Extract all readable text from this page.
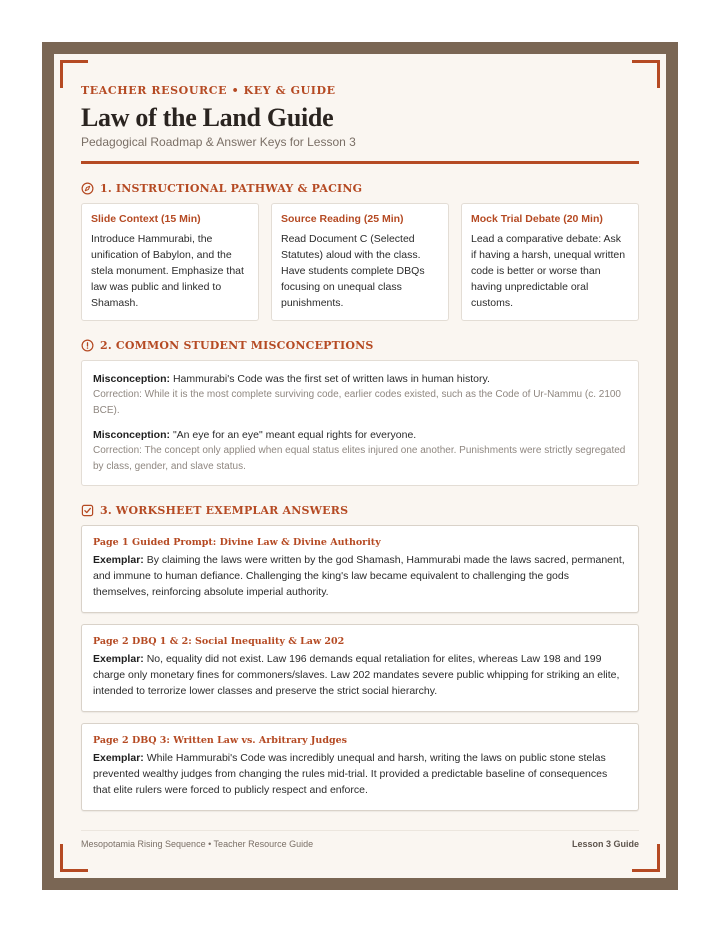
TEACHER RESOURCE • KEY & GUIDE
Law of the Land Guide
Pedagogical Roadmap & Answer Keys for Lesson 3
1. INSTRUCTIONAL PATHWAY & PACING
Slide Context (15 Min)
Introduce Hammurabi, the unification of Babylon, and the stela monument. Emphasize that law was public and linked to Shamash.
Source Reading (25 Min)
Read Document C (Selected Statutes) aloud with the class. Have students complete DBQs focusing on unequal class punishments.
Mock Trial Debate (20 Min)
Lead a comparative debate: Ask if having a harsh, unequal written code is better or worse than having unpredictable oral customs.
2. COMMON STUDENT MISCONCEPTIONS
Misconception: Hammurabi's Code was the first set of written laws in human history.
Correction: While it is the most complete surviving code, earlier codes existed, such as the Code of Ur-Nammu (c. 2100 BCE).
Misconception: "An eye for an eye" meant equal rights for everyone.
Correction: The concept only applied when equal status elites injured one another. Punishments were strictly segregated by class, gender, and slave status.
3. WORKSHEET EXEMPLAR ANSWERS
Page 1 Guided Prompt: Divine Law & Divine Authority
Exemplar: By claiming the laws were written by the god Shamash, Hammurabi made the laws sacred, permanent, and immune to human defiance. Challenging the king's law became equivalent to challenging the gods themselves, reinforcing absolute imperial authority.
Page 2 DBQ 1 & 2: Social Inequality & Law 202
Exemplar: No, equality did not exist. Law 196 demands equal retaliation for elites, whereas Law 198 and 199 charge only monetary fines for commoners/slaves. Law 202 mandates severe public whipping for striking an elite, intended to terrorize lower classes and preserve the strict social hierarchy.
Page 2 DBQ 3: Written Law vs. Arbitrary Judges
Exemplar: While Hammurabi's Code was incredibly unequal and harsh, writing the laws on public stone stelas prevented wealthy judges from changing the rules mid-trial. It provided a predictable baseline of consequences that elite rulers were forced to publicly respect and enforce.
Mesopotamia Rising Sequence • Teacher Resource Guide	Lesson 3 Guide
